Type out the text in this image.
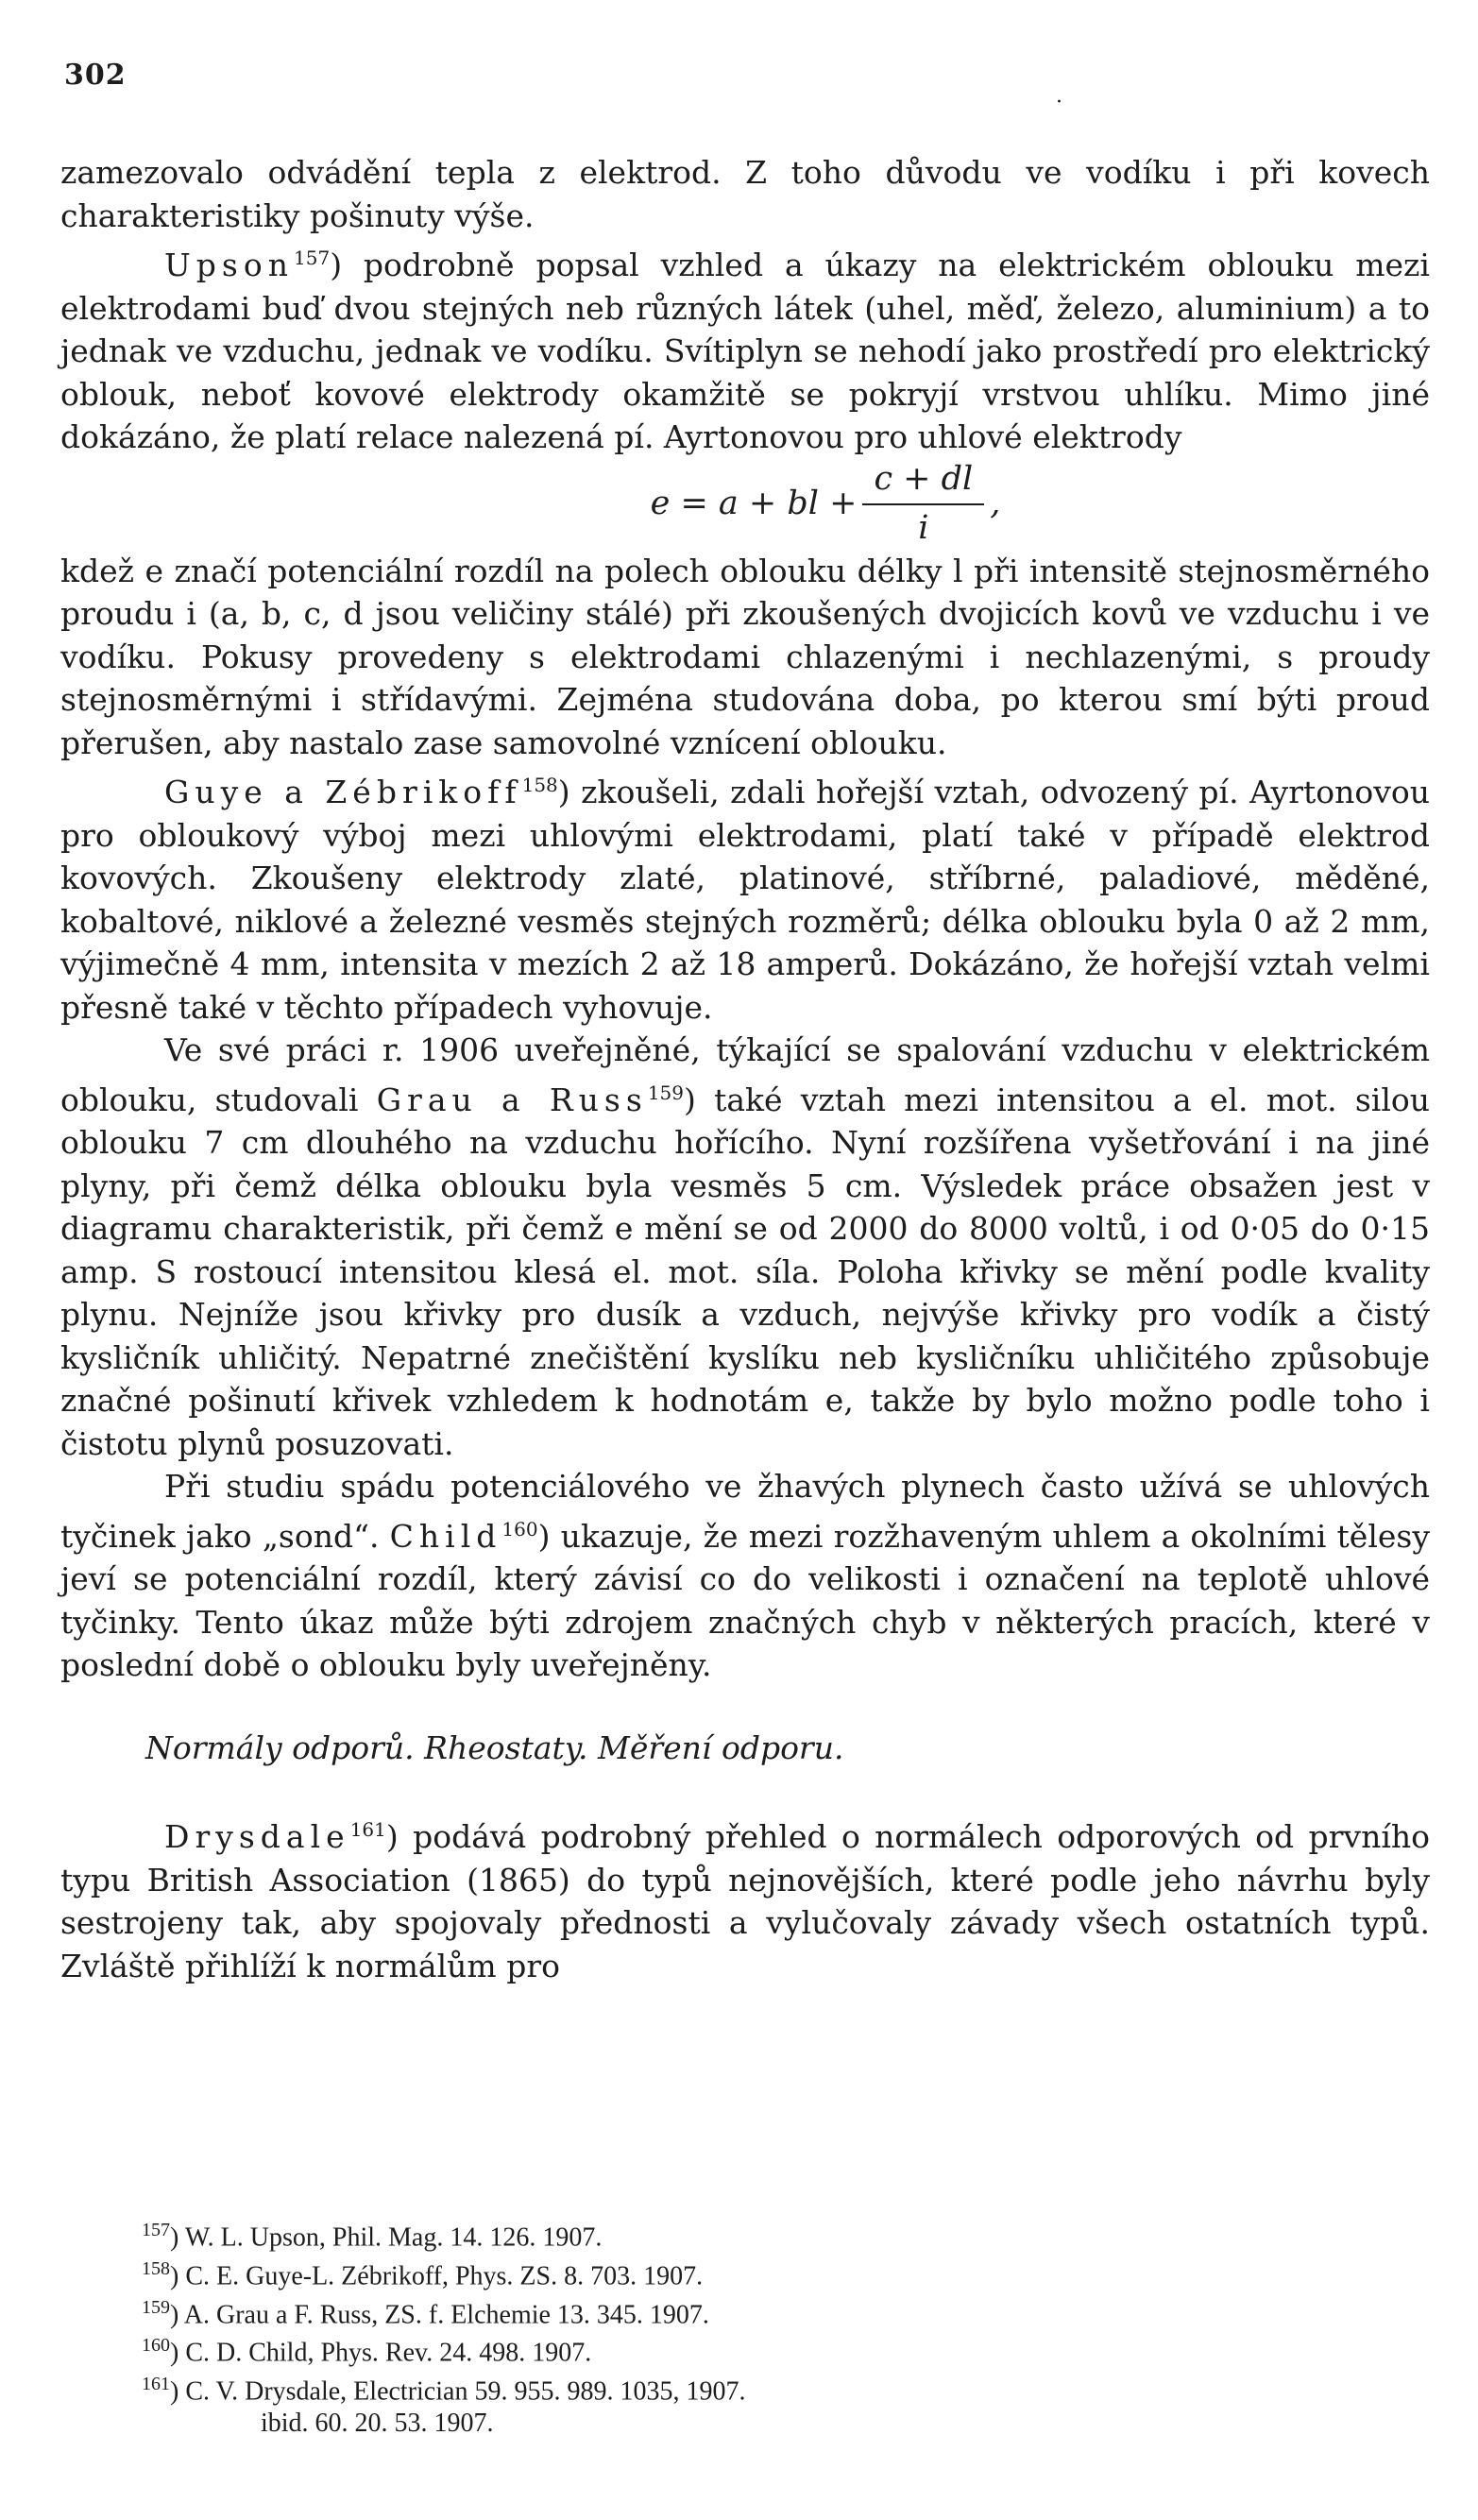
302
·

zamezovalo odvádění tepla z elektrod. Z toho důvodu ve vodíku i při kovech charakteristiky pošinuty výše.

Upson$^{157}$) podrobně popsal vzhled a úkazy na elektrickém oblouku mezi elektrodami buď dvou stejných neb různých látek (uhel, měď, železo, aluminium) a to jednak ve vzduchu, jednak ve vodíku. Svítiplyn se nehodí jako prostředí pro elektrický oblouk, neboť kovové elektrody okamžitě se pokryjí vrstvou uhlíku. Mimo jiné dokázáno, že platí relace nalezená pí. Ayrtonovou pro uhlové elektrody

e = a + bl + $\frac{c + dl}{i}$ ,

kdež e značí potenciální rozdíl na polech oblouku délky l při intensitě stejnosměrného proudu i (a, b, c, d jsou veličiny stálé) při zkoušených dvojicích kovů ve vzduchu i ve vodíku. Pokusy provedeny s elektrodami chlazenými i nechlazenými, s proudy stejnosměrnými i střídavými. Zejména studována doba, po kterou smí býti proud přerušen, aby nastalo zase samovolné vznícení oblouku.

Guye a Zébrikoff$^{158}$) zkoušeli, zdali hořejší vztah, odvozený pí. Ayrtonovou pro obloukový výboj mezi uhlovými elektrodami, platí také v případě elektrod kovových. Zkoušeny elektrody zlaté, platinové, stříbrné, paladiové, měděné, kobaltové, niklové a železné vesměs stejných rozměrů; délka oblouku byla 0 až 2 mm, výjimečně 4 mm, intensita v mezích 2 až 18 amperů. Dokázáno, že hořejší vztah velmi přesně také v těchto případech vyhovuje.

Ve své práci r. 1906 uveřejněné, týkající se spalování vzduchu v elektrickém oblouku, studovali Grau a Russ$^{159}$) také vztah mezi intensitou a el. mot. silou oblouku 7 cm dlouhého na vzduchu hořícího. Nyní rozšířena vyšetřování i na jiné plyny, při čemž délka oblouku byla vesměs 5 cm. Výsledek práce obsažen jest v diagramu charakteristik, při čemž e mění se od 2000 do 8000 voltů, i od 0·05 do 0·15 amp. S rostoucí intensitou klesá el. mot. síla. Poloha křivky se mění podle kvality plynu. Nejníže jsou křivky pro dusík a vzduch, nejvýše křivky pro vodík a čistý kysličník uhličitý. Nepatrné znečištění kyslíku neb kysličníku uhličitého způsobuje značné pošinutí křivek vzhledem k hodnotám e, takže by bylo možno podle toho i čistotu plynů posuzovati.

Při studiu spádu potenciálového ve žhavých plynech často užívá se uhlových tyčinek jako „sond“. Child$^{160}$) ukazuje, že mezi rozžhaveným uhlem a okolními tělesy jeví se potenciální rozdíl, který závisí co do velikosti i označení na teplotě uhlové tyčinky. Tento úkaz může býti zdrojem značných chyb v některých pracích, které v poslední době o oblouku byly uveřejněny.

Normály odporů. Rheostaty. Měření odporu.

Drysdale$^{161}$) podává podrobný přehled o normálech odporových od prvního typu British Association (1865) do typů nejnovějších, které podle jeho návrhu byly sestrojeny tak, aby spojovaly přednosti a vylučovaly závady všech ostatních typů. Zvláště přihlíží k normálům pro

$^{157}$) W. L. Upson, Phil. Mag. 14. 126. 1907.
$^{158}$) C. E. Guye-L. Zébrikoff, Phys. ZS. 8. 703. 1907.
$^{159}$) A. Grau a F. Russ, ZS. f. Elchemie 13. 345. 1907.
$^{160}$) C. D. Child, Phys. Rev. 24. 498. 1907.
$^{161}$) C. V. Drysdale, Electrician 59. 955. 989. 1035, 1907.
ibid. 60. 20. 53. 1907.
